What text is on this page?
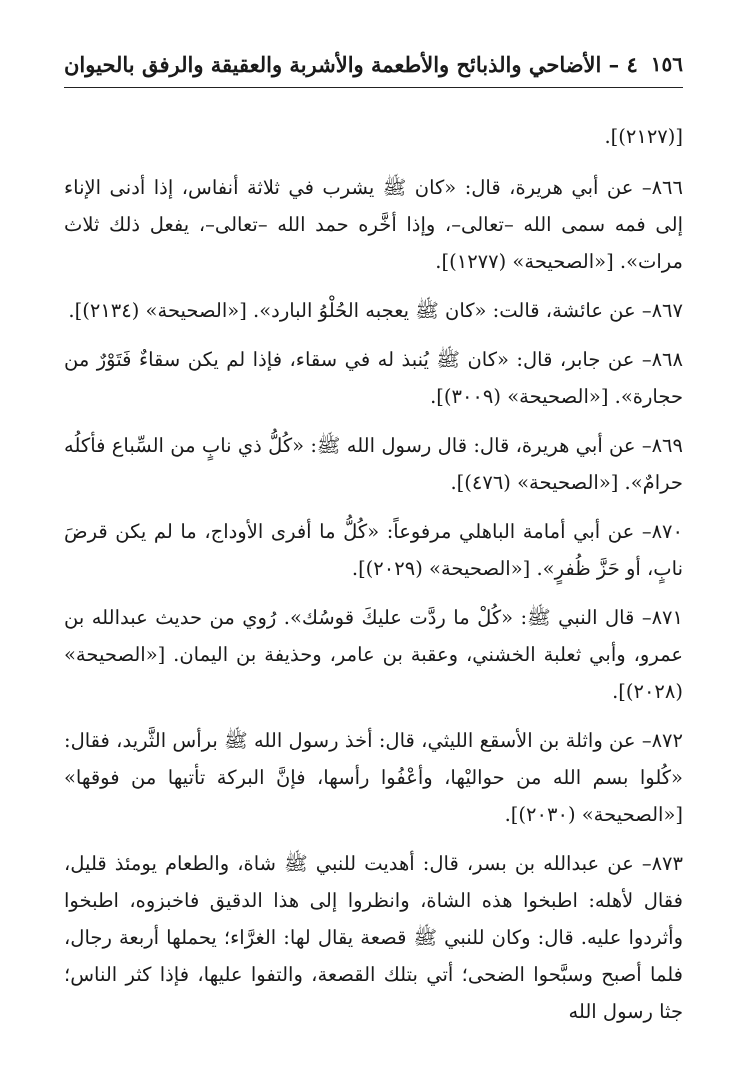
١٥٦
٤ – الأضاحي والذبائح والأطعمة والأشربة والعقيقة والرفق بالحيوان

[(٢١٢٧)].

٨٦٦– عن أبي هريرة، قال: «كان ﷺ يشرب في ثلاثة أنفاس، إذا أدنى الإناء إلى فمه سمى الله –تعالى–، وإذا أخَّره حمد الله –تعالى–، يفعل ذلك ثلاث مرات». [«الصحيحة» (١٢٧٧)].

٨٦٧– عن عائشة، قالت: «كان ﷺ يعجبه الحُلْوُ البارد». [«الصحيحة» (٢١٣٤)].

٨٦٨– عن جابر، قال: «كان ﷺ يُنبذ له في سقاء، فإذا لم يكن سقاءٌ فَتَوْرٌ من حجارة». [«الصحيحة» (٣٠٠٩)].

٨٦٩– عن أبي هريرة، قال: قال رسول الله ﷺ: «كُلُّ ذي نابٍ من السِّباع فأكلُه حرامٌ». [«الصحيحة» (٤٧٦)].

٨٧٠– عن أبي أمامة الباهلي مرفوعاً: «كُلُّ ما أفرى الأوداج، ما لم يكن قرضَ نابٍ، أو حَزَّ ظُفرٍ». [«الصحيحة» (٢٠٢٩)].

٨٧١– قال النبي ﷺ: «كُلْ ما ردَّت عليكَ قوسُك». رُوي من حديث عبدالله بن عمرو، وأبي ثعلبة الخشني، وعقبة بن عامر، وحذيفة بن اليمان. [«الصحيحة» (٢٠٢٨)].

٨٧٢– عن واثلة بن الأسقع الليثي، قال: أخذ رسول الله ﷺ برأس الثَّريد، فقال: «كُلوا بسم الله من حواليْها، وأعْفُوا رأسها، فإنَّ البركة تأتيها من فوقها» [«الصحيحة» (٢٠٣٠)].

٨٧٣– عن عبدالله بن بسر، قال: أهديت للنبي ﷺ شاة، والطعام يومئذ قليل، فقال لأهله: اطبخوا هذه الشاة، وانظروا إلى هذا الدقيق فاخبزوه، اطبخوا وأثردوا عليه. قال: وكان للنبي ﷺ قصعة يقال لها: الغرَّاء؛ يحملها أربعة رجال، فلما أصبح وسبَّحوا الضحى؛ أتي بتلك القصعة، والتفوا عليها، فإذا كثر الناس؛ جثا رسول الله
